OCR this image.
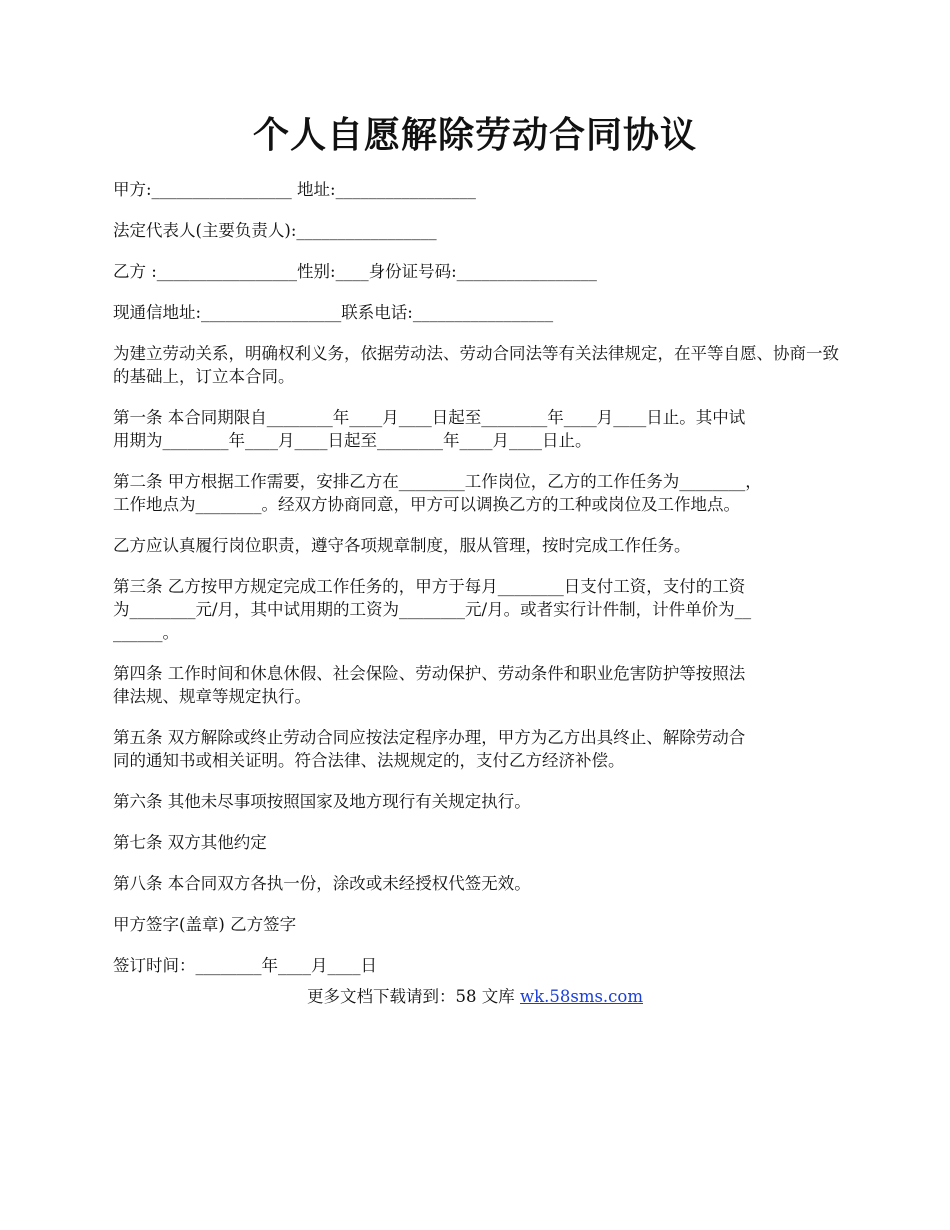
个人自愿解除劳动合同协议

甲方:_________________ 地址:_________________

法定代表人(主要负责人):_________________

乙方 :_________________性别:____身份证号码:_________________

现通信地址:_________________联系电话:_________________

为建立劳动关系，明确权利义务，依据劳动法、劳动合同法等有关法律规定，在平等自愿、协商一致的基础上，订立本合同。

第一条 本合同期限自________年____月____日起至________年____月____日止。其中试

用期为________年____月____日起至________年____月____日止。

第二条 甲方根据工作需要，安排乙方在________工作岗位，乙方的工作任务为________，

工作地点为________。经双方协商同意，甲方可以调换乙方的工种或岗位及工作地点。

乙方应认真履行岗位职责，遵守各项规章制度，服从管理，按时完成工作任务。

第三条 乙方按甲方规定完成工作任务的，甲方于每月________日支付工资，支付的工资

为________元/月，其中试用期的工资为________元/月。或者实行计件制，计件单价为__

______。

第四条 工作时间和休息休假、社会保险、劳动保护、劳动条件和职业危害防护等按照法

律法规、规章等规定执行。

第五条 双方解除或终止劳动合同应按法定程序办理，甲方为乙方出具终止、解除劳动合

同的通知书或相关证明。符合法律、法规规定的，支付乙方经济补偿。

第六条 其他未尽事项按照国家及地方现行有关规定执行。

第七条 双方其他约定

第八条 本合同双方各执一份，涂改或未经授权代签无效。

甲方签字(盖章) 乙方签字

签订时间：________年____月____日

更多文档下载请到：58 文库 wk.58sms.com
